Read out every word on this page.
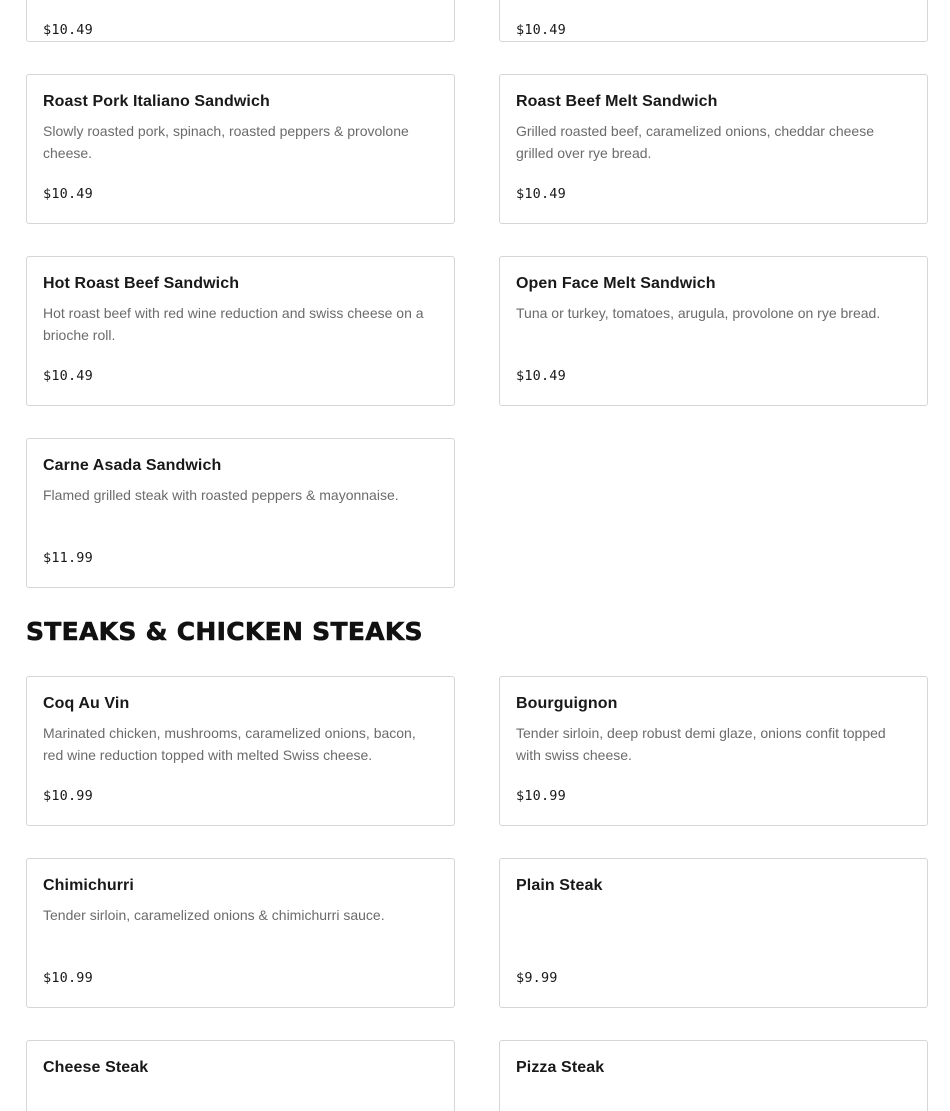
$10.49	$10.49
Roast Pork Italiano Sandwich
Slowly roasted pork, spinach, roasted peppers & provolone cheese.
$10.49
Roast Beef Melt Sandwich
Grilled roasted beef, caramelized onions, cheddar cheese grilled over rye bread.
$10.49
Hot Roast Beef Sandwich
Hot roast beef with red wine reduction and swiss cheese on a brioche roll.
$10.49
Open Face Melt Sandwich
Tuna or turkey, tomatoes, arugula, provolone on rye bread.
$10.49
Carne Asada Sandwich
Flamed grilled steak with roasted peppers & mayonnaise.
$11.99
STEAKS & CHICKEN STEAKS
Coq Au Vin
Marinated chicken, mushrooms, caramelized onions, bacon, red wine reduction topped with melted Swiss cheese.
$10.99
Bourguignon
Tender sirloin, deep robust demi glaze, onions confit topped with swiss cheese.
$10.99
Chimichurri
Tender sirloin, caramelized onions & chimichurri sauce.
$10.99
Plain Steak
$9.99
Cheese Steak	Pizza Steak
